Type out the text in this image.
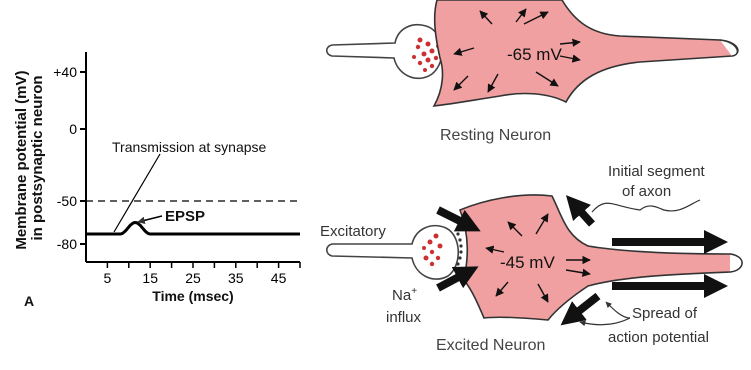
Membrane potential (mV) in postsynaptic neuron
+40
0
-50
-80
5 15 25 35 45
Transmission at synapse
EPSP
Time (msec)
A
-65 mV
Resting Neuron
Excitatory
Initial segment
of axon
Na+
influx
-45 mV
Spread of
action potential
Excited Neuron
